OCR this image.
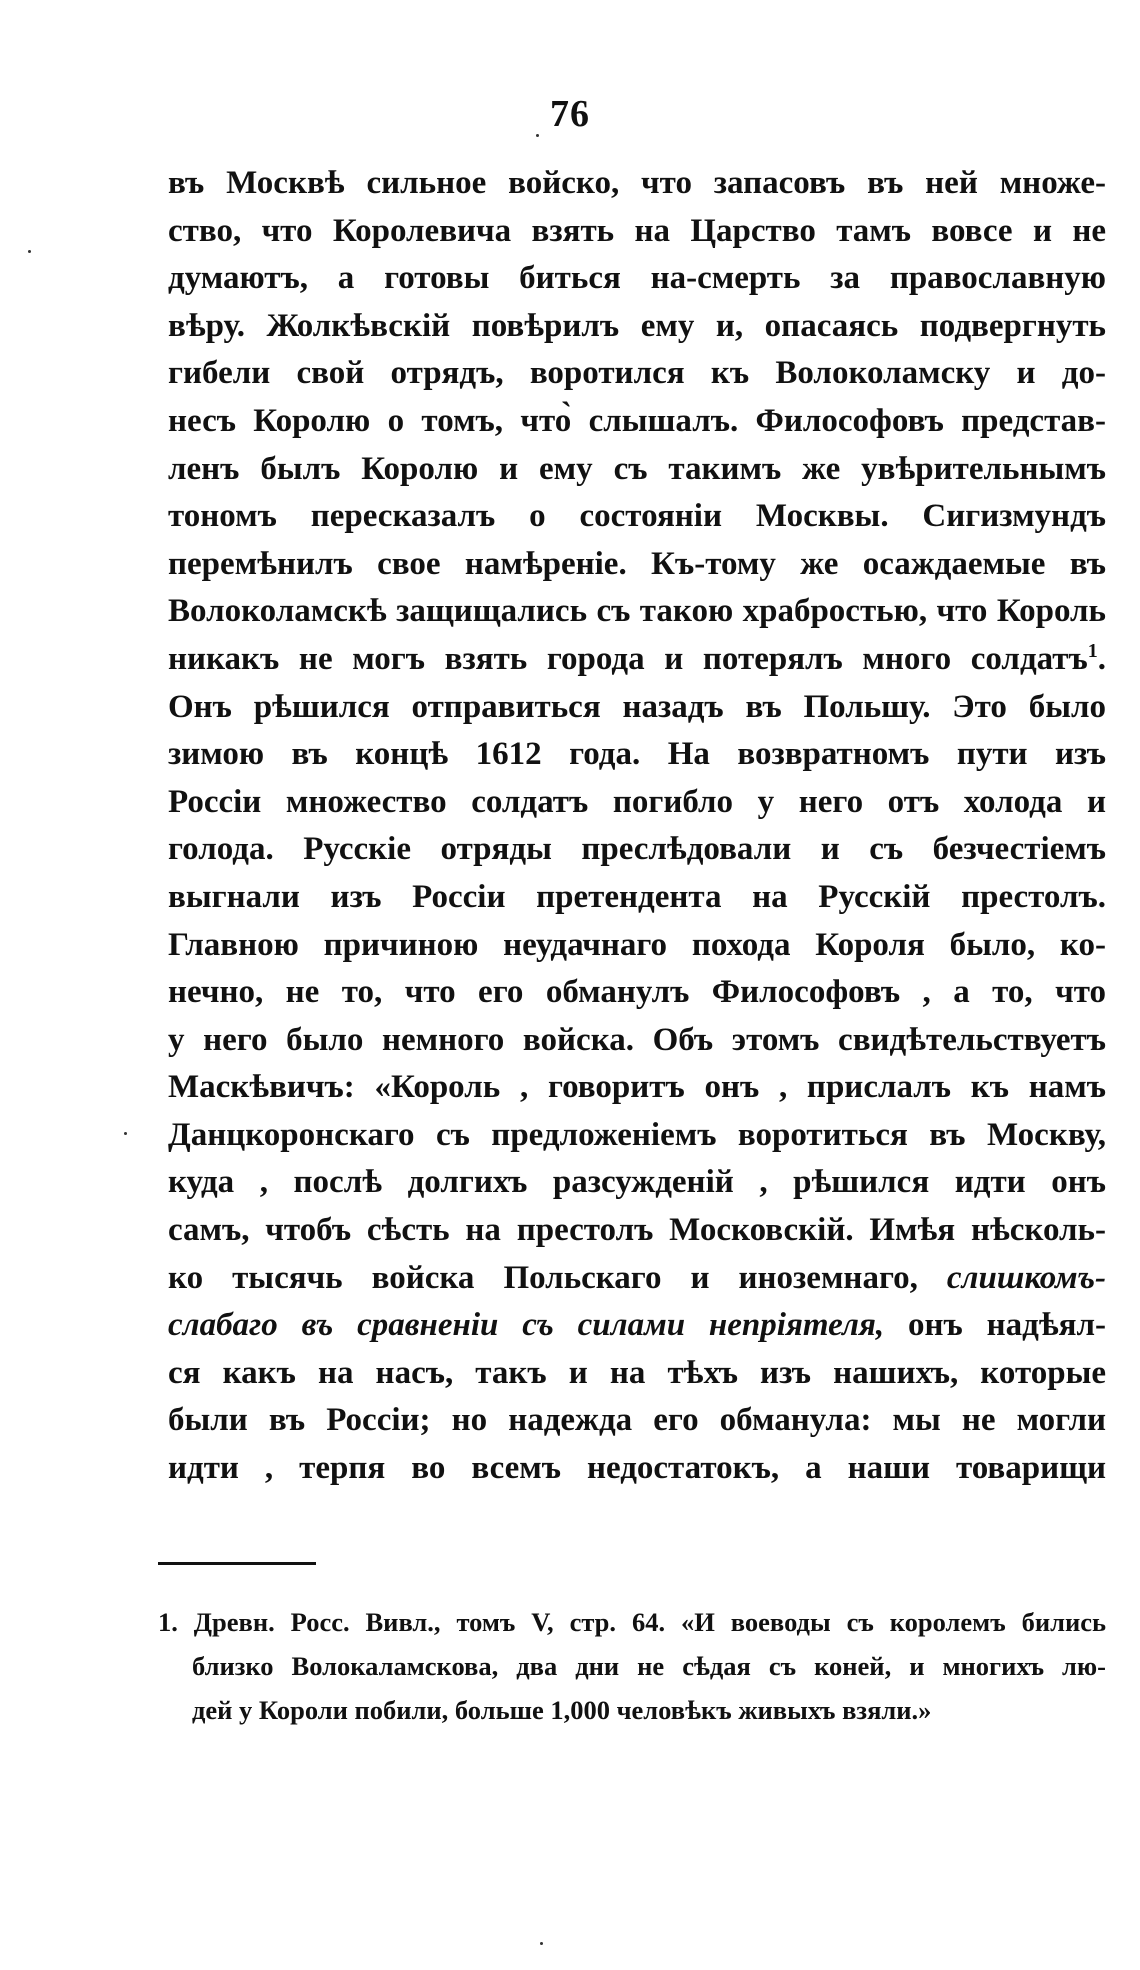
76
въ Москвѣ сильное войско, что запасовъ въ ней множе-
ство, что Королевича взять на Царство тамъ вовсе и не
думаютъ, а готовы биться на-смерть за православную
вѣру. Жолкѣвскій повѣрилъ ему и, опасаясь подвергнуть
гибели свой отрядъ, воротился къ Волоколамску и до-
несъ Королю о томъ, что̀ слышалъ. Философовъ представ-
ленъ былъ Королю и ему съ такимъ же увѣрительнымъ
тономъ пересказалъ о состояніи Москвы. Сигизмундъ
перемѣнилъ свое намѣреніе. Къ-тому же осаждаемые въ
Волоколамскѣ защищались съ такою храбростью, что Король
никакъ не могъ взять города и потерялъ много солдатъ$^1$.
Онъ рѣшился отправиться назадъ въ Польшу. Это было
зимою въ концѣ 1612 года. На возвратномъ пути изъ
Россіи множество солдатъ погибло у него отъ холода и
голода. Русскіе отряды преслѣдовали и съ безчестіемъ
выгнали изъ Россіи претендента на Русскій престолъ.
Главною причиною неудачнаго похода Короля было, ко-
нечно, не то, что его обманулъ Философовъ , а то, что
у него было немного войска. Объ этомъ свидѣтельствуетъ
Маскѣвичъ: «Король , говоритъ онъ , прислалъ къ намъ
Данцкоронскаго съ предложеніемъ воротиться въ Москву,
куда , послѣ долгихъ разсужденій , рѣшился идти онъ
самъ, чтобъ сѣсть на престолъ Московскій. Имѣя нѣсколь-
ко тысячь войска Польскаго и иноземнаго, слишкомъ-
слабаго въ сравненіи съ силами непріятеля, онъ надѣял-
ся какъ на насъ, такъ и на тѣхъ изъ нашихъ, которые
были въ Россіи; но надежда его обманула: мы не могли
идти , терпя во всемъ недостатокъ, а наши товарищи
1. Древн. Росс. Вивл., томъ V, стр. 64. «И воеводы съ королемъ бились
близко Волокаламскова, два дни не сѣдая съ коней, и многихъ лю-
дей у Короли побили, больше 1,000 человѣкъ живыхъ взяли.»
